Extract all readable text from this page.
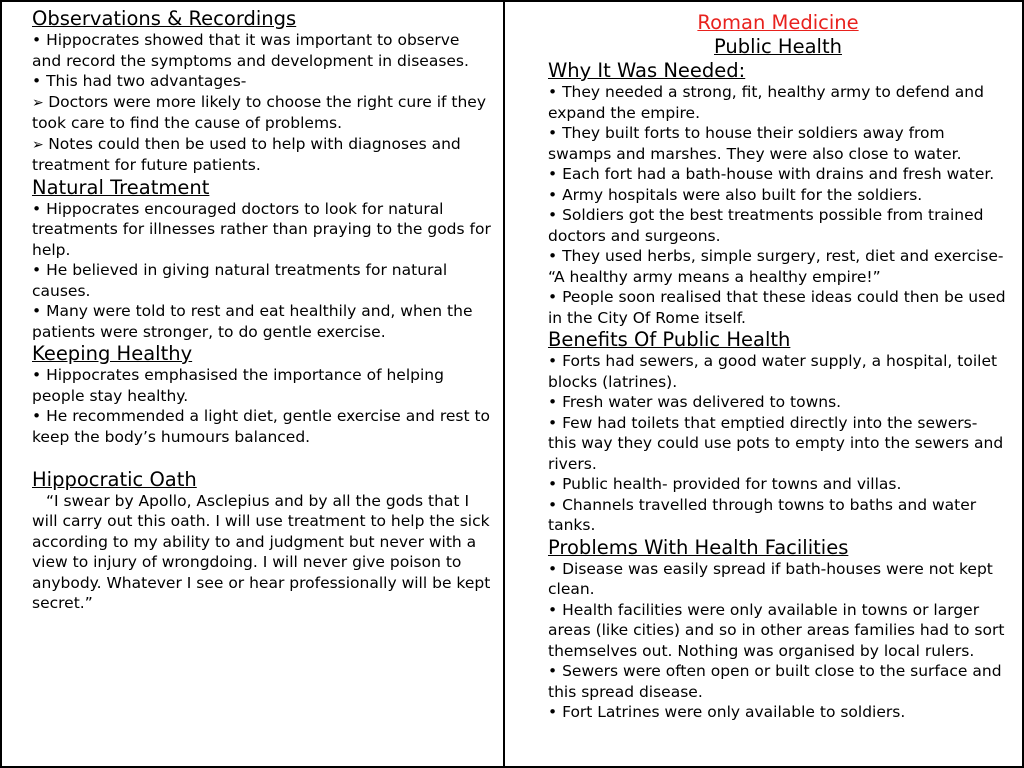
Observations & Recordings

• Hippocrates showed that it was important to observe and record the symptoms and development in diseases.

• This had two advantages-

➢ Doctors were more likely to choose the right cure if they took care to find the cause of problems.

➢ Notes could then be used to help with diagnoses and treatment for future patients.

Natural Treatment

• Hippocrates encouraged doctors to look for natural treatments for illnesses rather than praying to the gods for help.

• He believed in giving natural treatments for natural causes.

• Many were told to rest and eat healthily and, when the patients were stronger, to do gentle exercise.

Keeping Healthy

• Hippocrates emphasised the importance of helping people stay healthy.

• He recommended a light diet, gentle exercise and rest to keep the body’s humours balanced.

Hippocratic Oath

“I swear by Apollo, Asclepius and by all the gods that I will carry out this oath. I will use treatment to help the sick according to my ability to and judgment but never with a view to injury of wrongdoing. I will never give poison to anybody. Whatever I see or hear professionally will be kept secret.”

Roman Medicine

Public Health

Why It Was Needed:

• They needed a strong, fit, healthy army to defend and expand the empire.

• They built forts to house their soldiers away from swamps and marshes. They were also close to water.

• Each fort had a bath-house with drains and fresh water.

• Army hospitals were also built for the soldiers.

• Soldiers got the best treatments possible from trained doctors and surgeons.

• They used herbs, simple surgery, rest, diet and exercise- “A healthy army means a healthy empire!”

• People soon realised that these ideas could then be used in the City Of Rome itself.

Benefits Of Public Health

• Forts had sewers, a good water supply, a hospital, toilet blocks (latrines).

• Fresh water was delivered to towns.

• Few had toilets that emptied directly into the sewers- this way they could use pots to empty into the sewers and rivers.

• Public health- provided for towns and villas.

• Channels travelled through towns to baths and water tanks.

Problems With Health Facilities

• Disease was easily spread if bath-houses were not kept clean.

• Health facilities were only available in towns or larger areas (like cities) and so in other areas families had to sort themselves out. Nothing was organised by local rulers.

• Sewers were often open or built close to the surface and this spread disease.

• Fort Latrines were only available to soldiers.
